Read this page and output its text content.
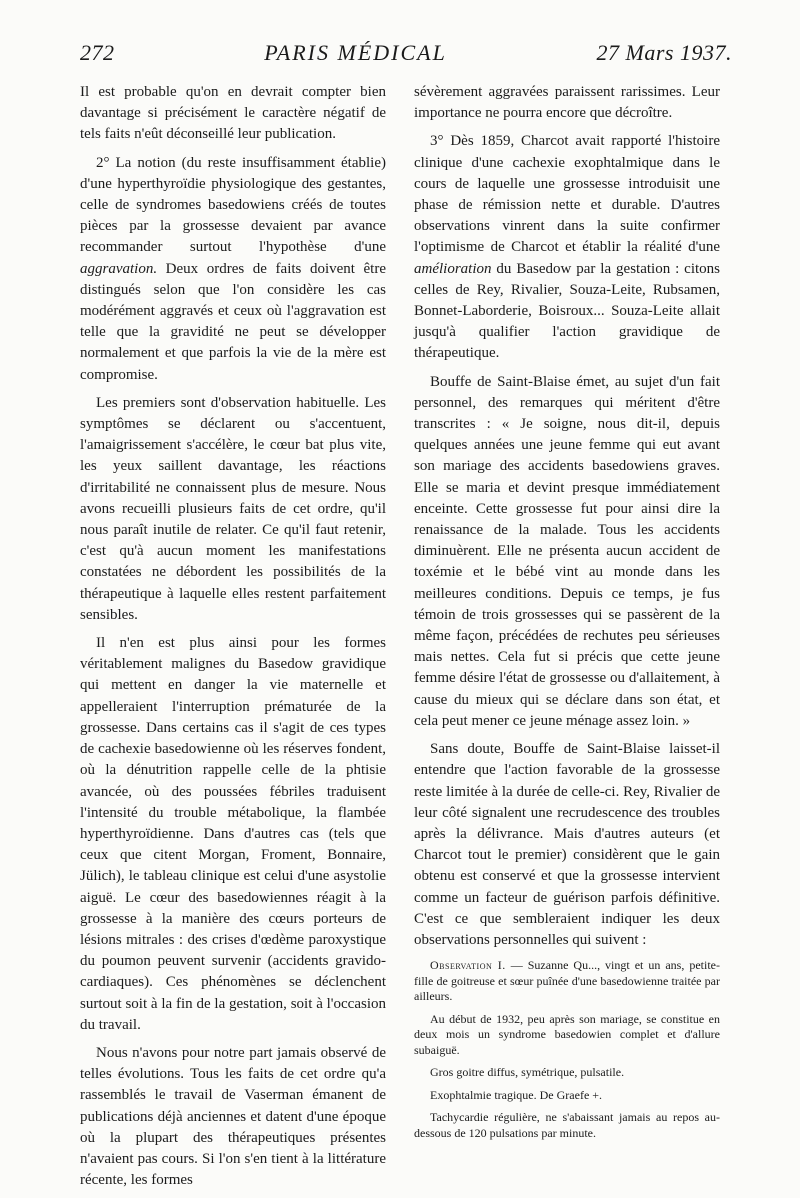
272	PARIS MÉDICAL	27 Mars 1937.

Il est probable qu'on en devrait compter bien davantage si précisément le caractère négatif de tels faits n'eût déconseillé leur publication.

2° La notion (du reste insuffisamment établie) d'une hyperthyroïdie physiologique des gestantes, celle de syndromes basedowiens créés de toutes pièces par la grossesse devaient par avance recommander surtout l'hypothèse d'une aggravation. Deux ordres de faits doivent être distingués selon que l'on considère les cas modérément aggravés et ceux où l'aggravation est telle que la gravidité ne peut se développer normalement et que parfois la vie de la mère est compromise.

Les premiers sont d'observation habituelle. Les symptômes se déclarent ou s'accentuent, l'amaigrissement s'accélère, le cœur bat plus vite, les yeux saillent davantage, les réactions d'irritabilité ne connaissent plus de mesure. Nous avons recueilli plusieurs faits de cet ordre, qu'il nous paraît inutile de relater. Ce qu'il faut retenir, c'est qu'à aucun moment les manifestations constatées ne débordent les possibilités de la thérapeutique à laquelle elles restent parfaitement sensibles.

Il n'en est plus ainsi pour les formes véritablement malignes du Basedow gravidique qui mettent en danger la vie maternelle et appelleraient l'interruption prématurée de la grossesse. Dans certains cas il s'agit de ces types de cachexie basedowienne où les réserves fondent, où la dénutrition rappelle celle de la phtisie avancée, où des poussées fébriles traduisent l'intensité du trouble métabolique, la flambée hyperthyroïdienne. Dans d'autres cas (tels que ceux que citent Morgan, Froment, Bonnaire, Jülich), le tableau clinique est celui d'une asystolie aiguë. Le cœur des basedowiennes réagit à la grossesse à la manière des cœurs porteurs de lésions mitrales : des crises d'œdème paroxystique du poumon peuvent survenir (accidents gravido-cardiaques). Ces phénomènes se déclenchent surtout soit à la fin de la gestation, soit à l'occasion du travail.

Nous n'avons pour notre part jamais observé de telles évolutions. Tous les faits de cet ordre qu'a rassemblés le travail de Vaserman émanent de publications déjà anciennes et datent d'une époque où la plupart des thérapeutiques présentes n'avaient pas cours. Si l'on s'en tient à la littérature récente, les formes

sévèrement aggravées paraissent rarissimes. Leur importance ne pourra encore que décroître.

3° Dès 1859, Charcot avait rapporté l'histoire clinique d'une cachexie exophtalmique dans le cours de laquelle une grossesse introduisit une phase de rémission nette et durable. D'autres observations vinrent dans la suite confirmer l'optimisme de Charcot et établir la réalité d'une amélioration du Basedow par la gestation : citons celles de Rey, Rivalier, Souza-Leite, Rubsamen, Bonnet-Laborderie, Boisroux... Souza-Leite allait jusqu'à qualifier l'action gravidique de thérapeutique.

Bouffe de Saint-Blaise émet, au sujet d'un fait personnel, des remarques qui méritent d'être transcrites : « Je soigne, nous dit-il, depuis quelques années une jeune femme qui eut avant son mariage des accidents basedowiens graves. Elle se maria et devint presque immédiatement enceinte. Cette grossesse fut pour ainsi dire la renaissance de la malade. Tous les accidents diminuèrent. Elle ne présenta aucun accident de toxémie et le bébé vint au monde dans les meilleures conditions. Depuis ce temps, je fus témoin de trois grossesses qui se passèrent de la même façon, précédées de rechutes peu sérieuses mais nettes. Cela fut si précis que cette jeune femme désire l'état de grossesse ou d'allaitement, à cause du mieux qui se déclare dans son état, et cela peut mener ce jeune ménage assez loin. »

Sans doute, Bouffe de Saint-Blaise laisset-il entendre que l'action favorable de la grossesse reste limitée à la durée de celle-ci. Rey, Rivalier de leur côté signalent une recrudescence des troubles après la délivrance. Mais d'autres auteurs (et Charcot tout le premier) considèrent que le gain obtenu est conservé et que la grossesse intervient comme un facteur de guérison parfois définitive. C'est ce que sembleraient indiquer les deux observations personnelles qui suivent :

Observation I. — Suzanne Qu..., vingt et un ans, petite-fille de goitreuse et sœur puînée d'une basedowienne traitée par ailleurs.

Au début de 1932, peu après son mariage, se constitue en deux mois un syndrome basedowien complet et d'allure subaiguë.

Gros goitre diffus, symétrique, pulsatile.

Exophtalmie tragique. De Graefe +.

Tachycardie régulière, ne s'abaissant jamais au repos au-dessous de 120 pulsations par minute.
